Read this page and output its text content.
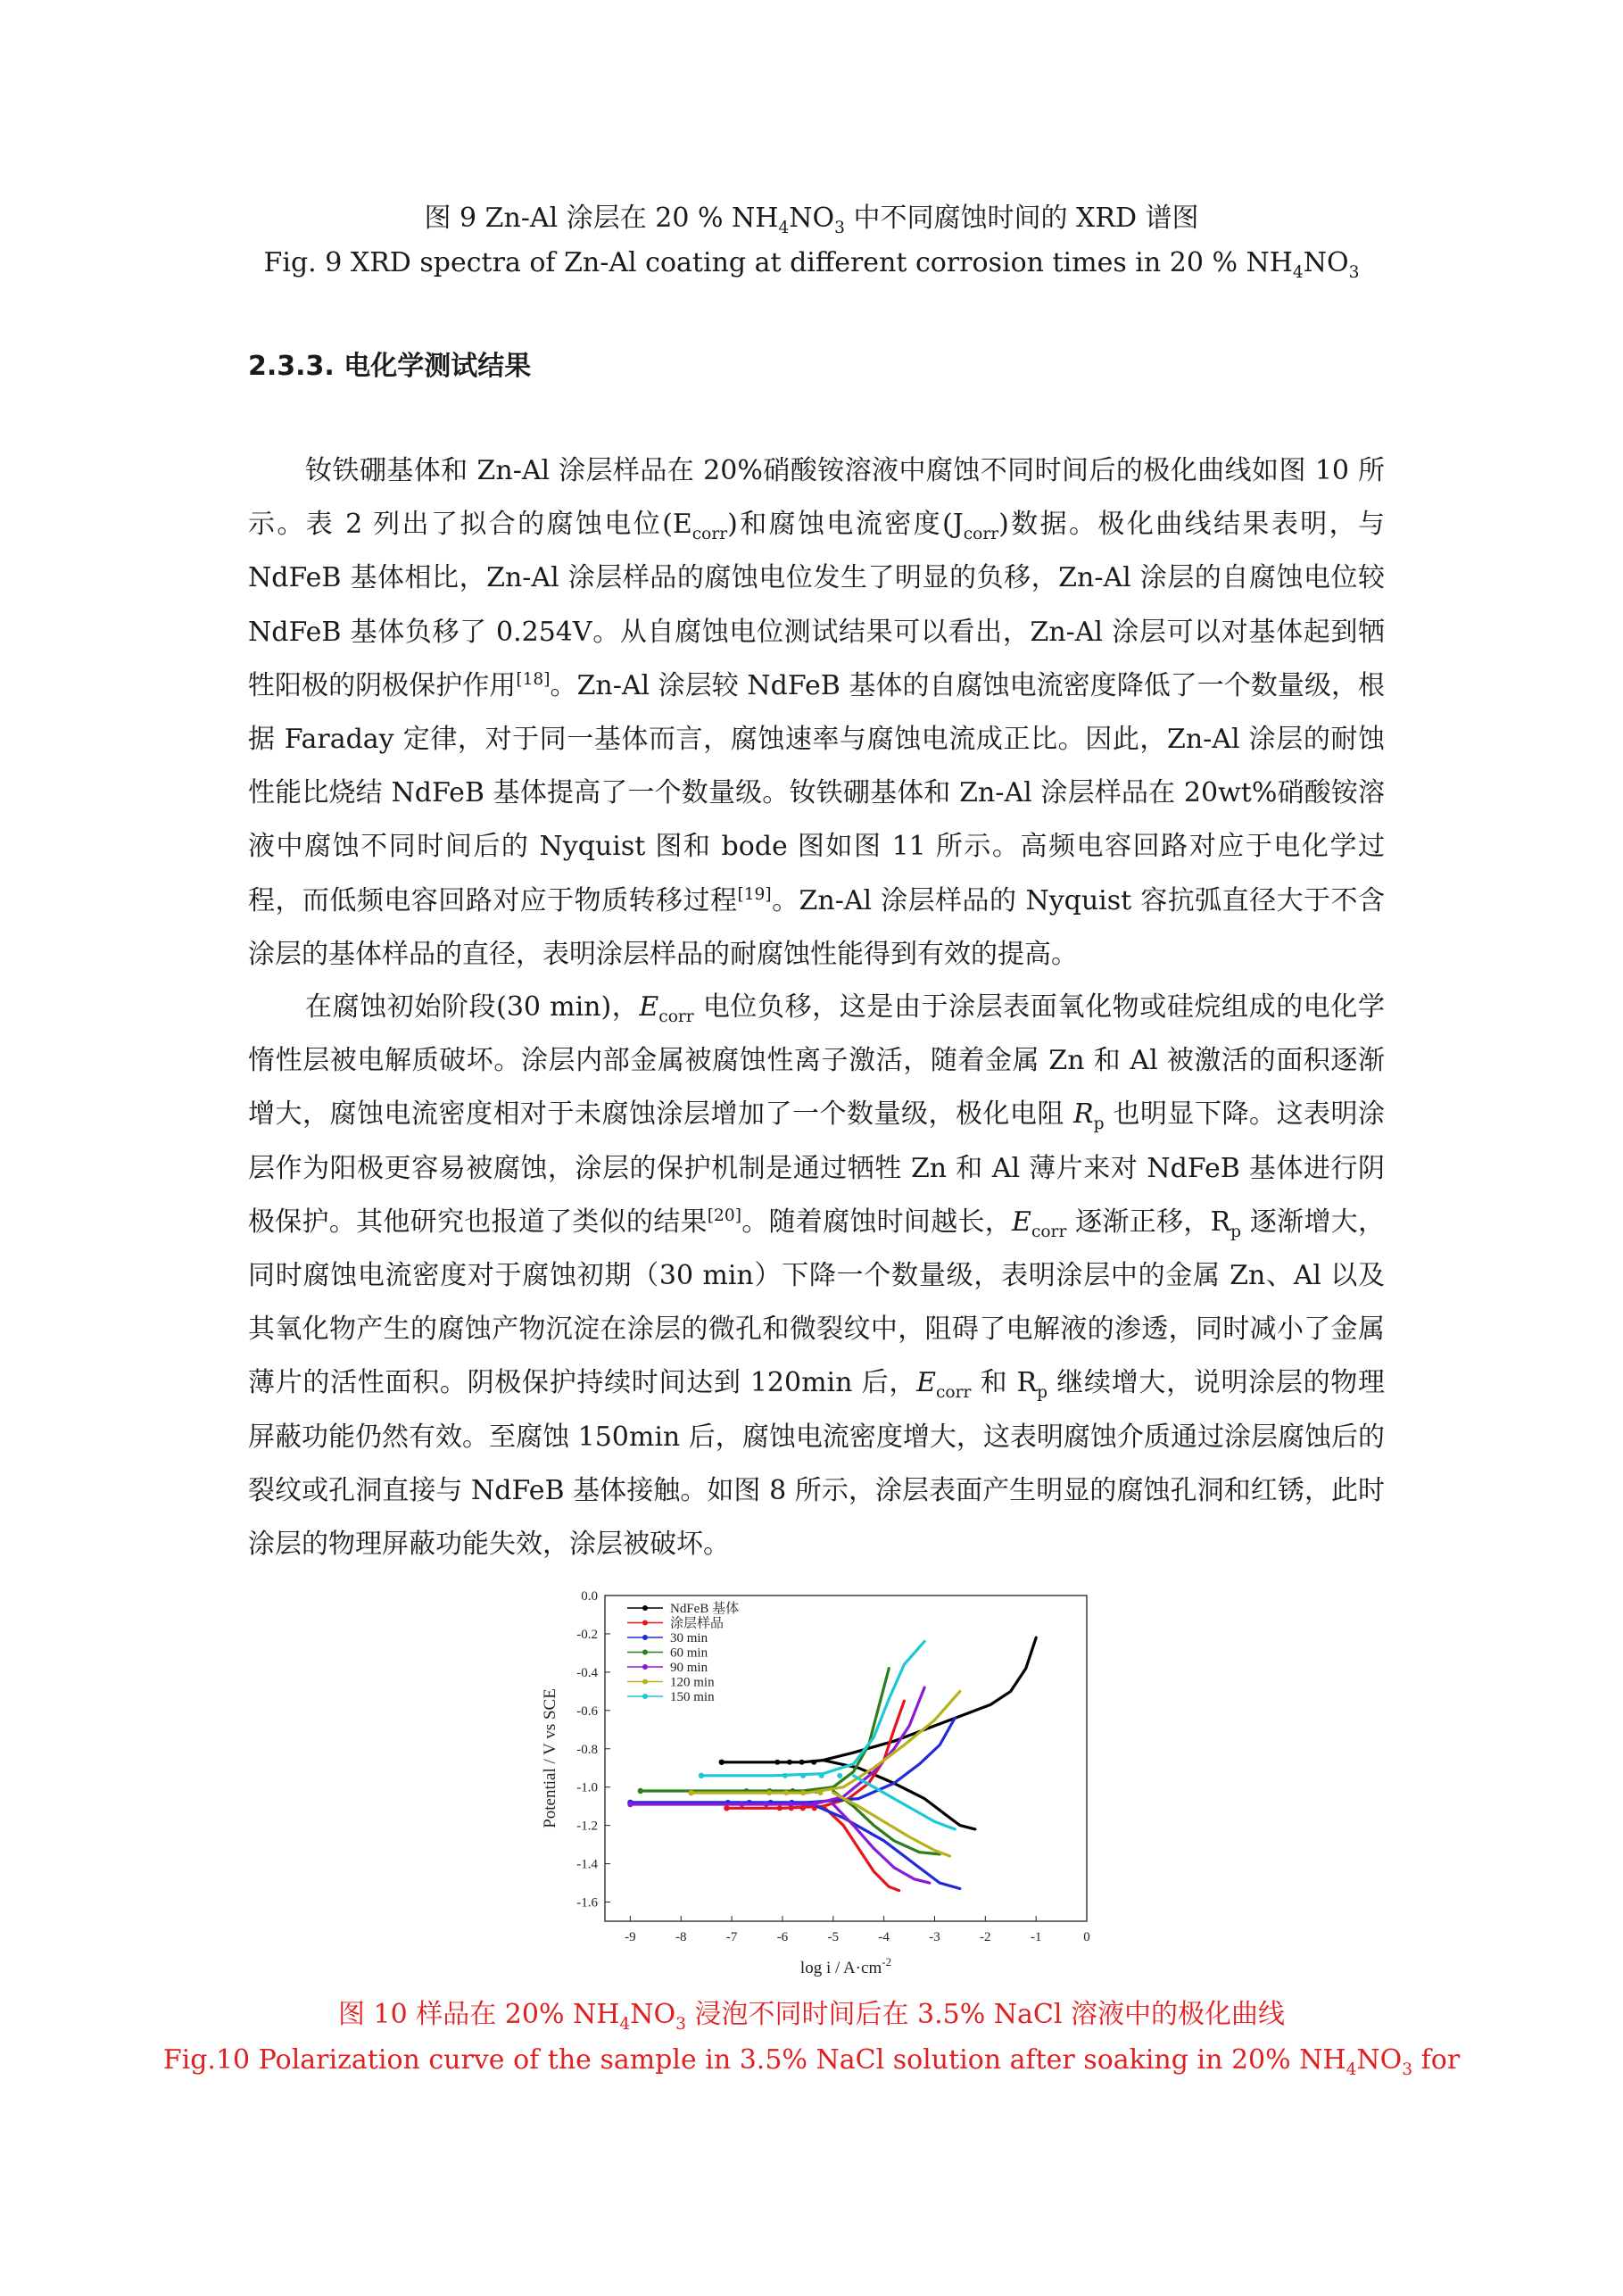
图 9 Zn-Al 涂层在 20 % $NH_4NO_3$ 中不同腐蚀时间的 XRD 谱图
Fig. 9 XRD spectra of Zn-Al coating at different corrosion times in 20 % $NH_4NO_3$
2.3.3. 电化学测试结果

钕铁硼基体和 Zn-Al 涂层样品在 20%硝酸铵溶液中腐蚀不同时间后的极化曲线如图 10 所示。表 2 列出了拟合的腐蚀电位$(E_{corr})$和腐蚀电流密度$(J_{corr})$数据。极化曲线结果表明，与 NdFeB 基体相比，Zn-Al 涂层样品的腐蚀电位发生了明显的负移，Zn-Al 涂层的自腐蚀电位较 NdFeB 基体负移了 0.254V。从自腐蚀电位测试结果可以看出，Zn-Al 涂层可以对基体起到牺牲阳极的阴极保护作用[18]。Zn-Al 涂层较 NdFeB 基体的自腐蚀电流密度降低了一个数量级，根据 Faraday 定律，对于同一基体而言，腐蚀速率与腐蚀电流成正比。因此，Zn-Al 涂层的耐蚀性能比烧结 NdFeB 基体提高了一个数量级。钕铁硼基体和 Zn-Al 涂层样品在 20wt%硝酸铵溶液中腐蚀不同时间后的 Nyquist 图和 bode 图如图 11 所示。高频电容回路对应于电化学过程，而低频电容回路对应于物质转移过程[19]。Zn-Al 涂层样品的 Nyquist 容抗弧直径大于不含涂层的基体样品的直径，表明涂层样品的耐腐蚀性能得到有效的提高。

在腐蚀初始阶段(30 min)，$E_{corr}$ 电位负移，这是由于涂层表面氧化物或硅烷组成的电化学惰性层被电解质破坏。涂层内部金属被腐蚀性离子激活，随着金属 Zn 和 Al 被激活的面积逐渐增大，腐蚀电流密度相对于未腐蚀涂层增加了一个数量级，极化电阻 $R_p$ 也明显下降。这表明涂层作为阳极更容易被腐蚀，涂层的保护机制是通过牺牲 Zn 和 Al 薄片来对 NdFeB 基体进行阴极保护。其他研究也报道了类似的结果[20]。随着腐蚀时间越长，$E_{corr}$ 逐渐正移，$R_p$ 逐渐增大，同时腐蚀电流密度对于腐蚀初期（30 min）下降一个数量级，表明涂层中的金属 Zn、Al 以及其氧化物产生的腐蚀产物沉淀在涂层的微孔和微裂纹中，阻碍了电解液的渗透，同时减小了金属薄片的活性面积。阴极保护持续时间达到 120min 后，$E_{corr}$ 和 $R_p$ 继续增大，说明涂层的物理屏蔽功能仍然有效。至腐蚀 150min 后，腐蚀电流密度增大，这表明腐蚀介质通过涂层腐蚀后的裂纹或孔洞直接与 NdFeB 基体接触。如图 8 所示，涂层表面产生明显的腐蚀孔洞和红锈，此时涂层的物理屏蔽功能失效，涂层被破坏。

-9	-8	-7	-6	-5	-4	-3	-2	-1	0
0.0
-0.2
-0.4
-0.6
-0.8
-1.0
-1.2
-1.4
-1.6
$\log i / A\cdot cm^{-2}$
Potential / V vs SCE
NdFeB 基体
涂层样品
30 min
60 min
90 min
120 min
150 min
图 10 样品在 20% $NH_4NO_3$ 浸泡不同时间后在 3.5% NaCl 溶液中的极化曲线
Fig.10 Polarization curve of the sample in 3.5% NaCl solution after soaking in 20% $NH_4NO_3$ for
